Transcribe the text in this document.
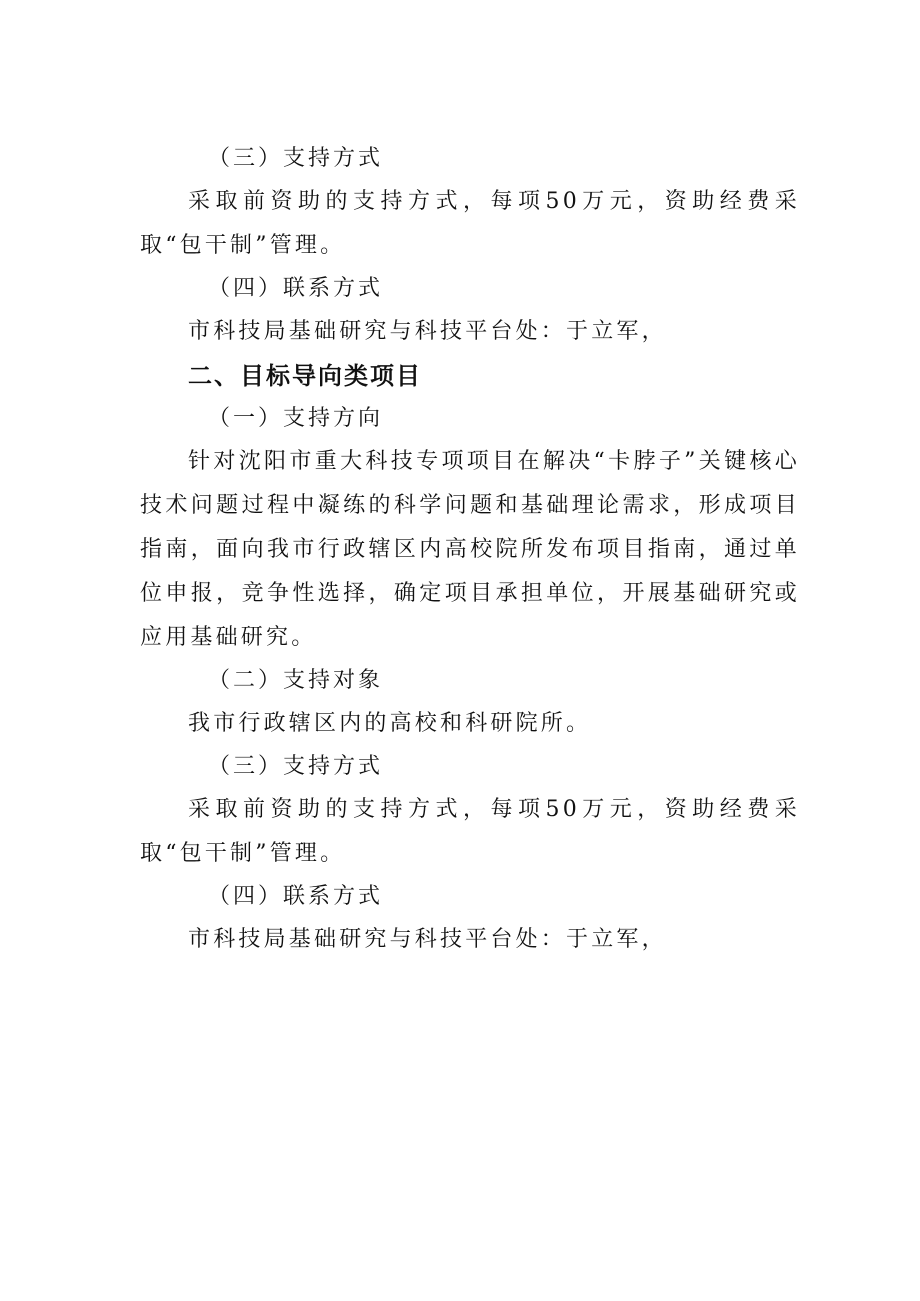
（三）支持方式

采取前资助的支持方式，每项50万元，资助经费采取“包干制”管理。

（四）联系方式

市科技局基础研究与科技平台处：于立军，

二、目标导向类项目

（一）支持方向

针对沈阳市重大科技专项项目在解决“卡脖子”关键核心技术问题过程中凝练的科学问题和基础理论需求，形成项目指南，面向我市行政辖区内高校院所发布项目指南，通过单位申报，竞争性选择，确定项目承担单位，开展基础研究或应用基础研究。

（二）支持对象

我市行政辖区内的高校和科研院所。

（三）支持方式

采取前资助的支持方式，每项50万元，资助经费采取“包干制”管理。

（四）联系方式

市科技局基础研究与科技平台处：于立军，
